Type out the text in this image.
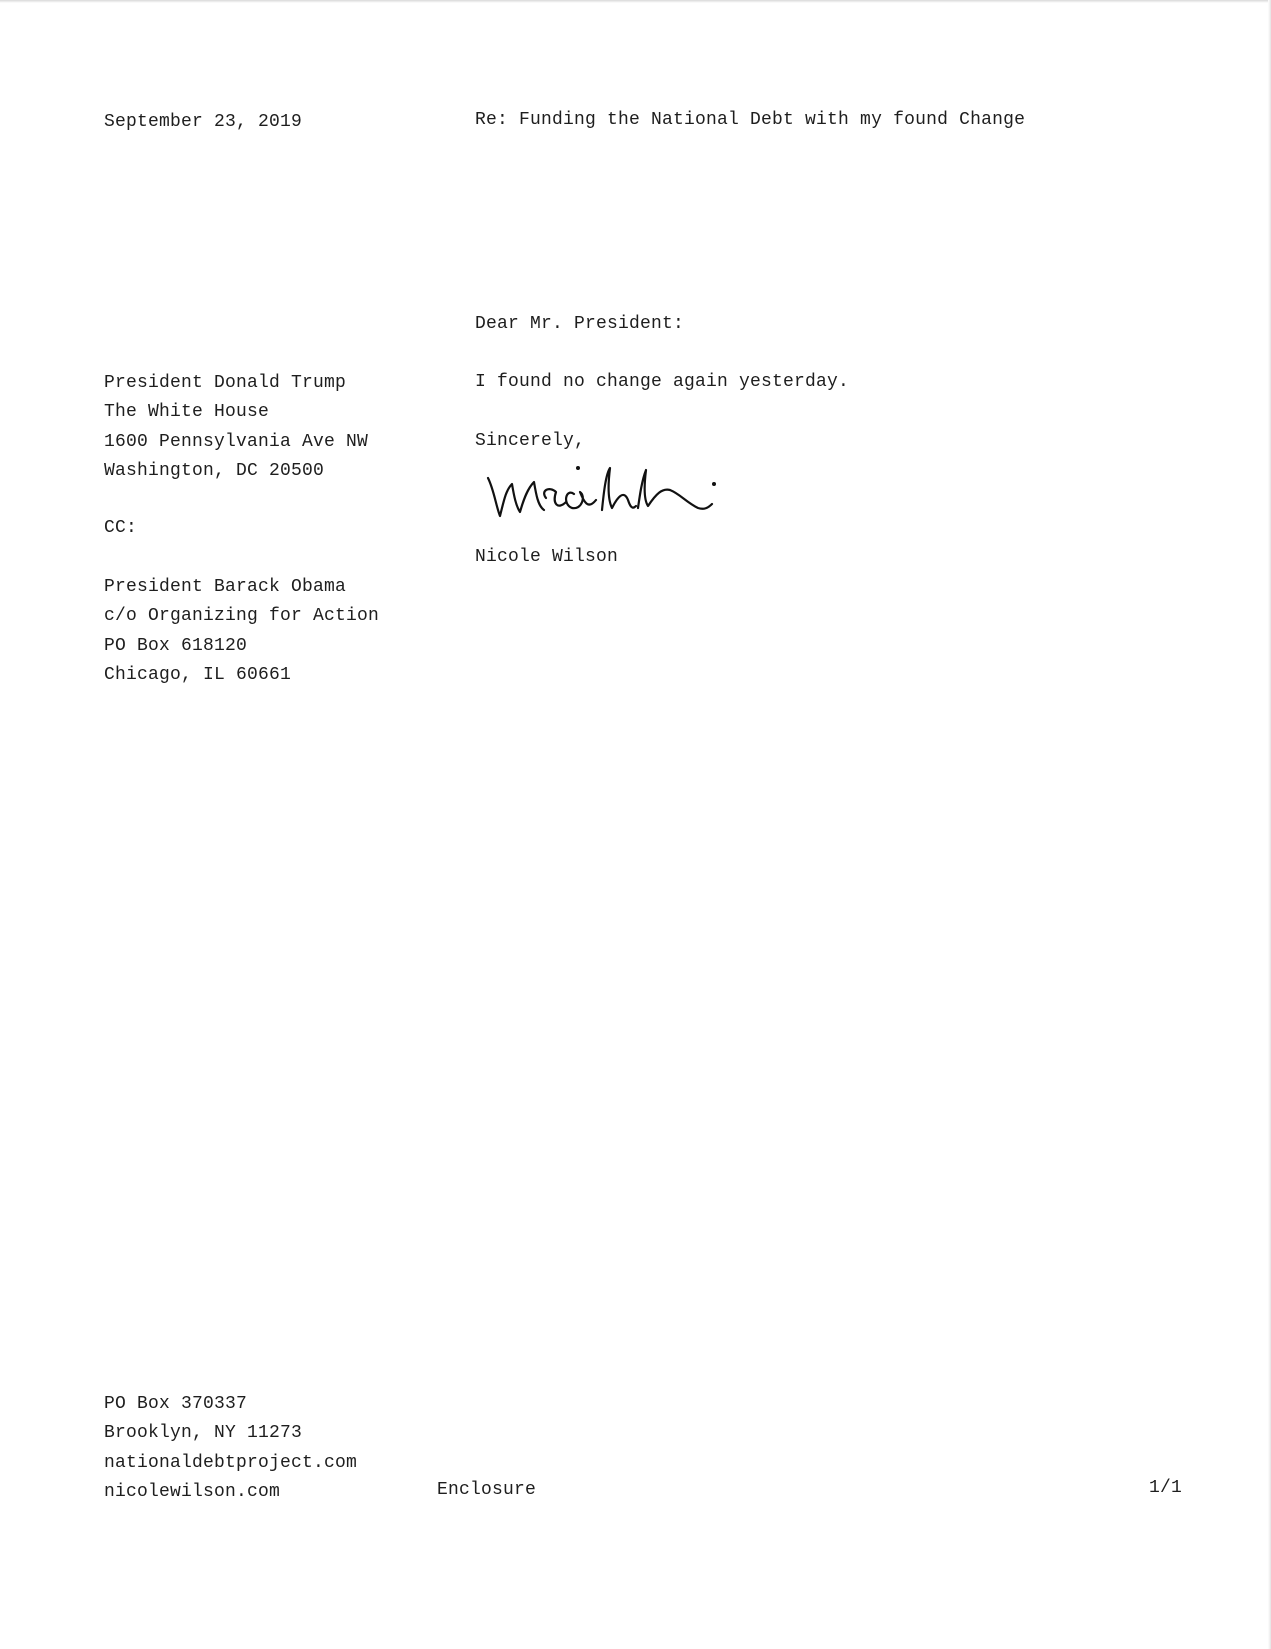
September 23, 2019	Re: Funding the National Debt with my found Change
Dear Mr. President:
I found no change again yesterday.
Sincerely,
Nicole Wilson
President Donald Trump
The White House
1600 Pennsylvania Ave NW
Washington, DC 20500
CC:
President Barack Obama
c/o Organizing for Action
PO Box 618120
Chicago, IL 60661
PO Box 370337
Brooklyn, NY 11273
nationaldebtproject.com
nicolewilson.com	Enclosure	1/1
